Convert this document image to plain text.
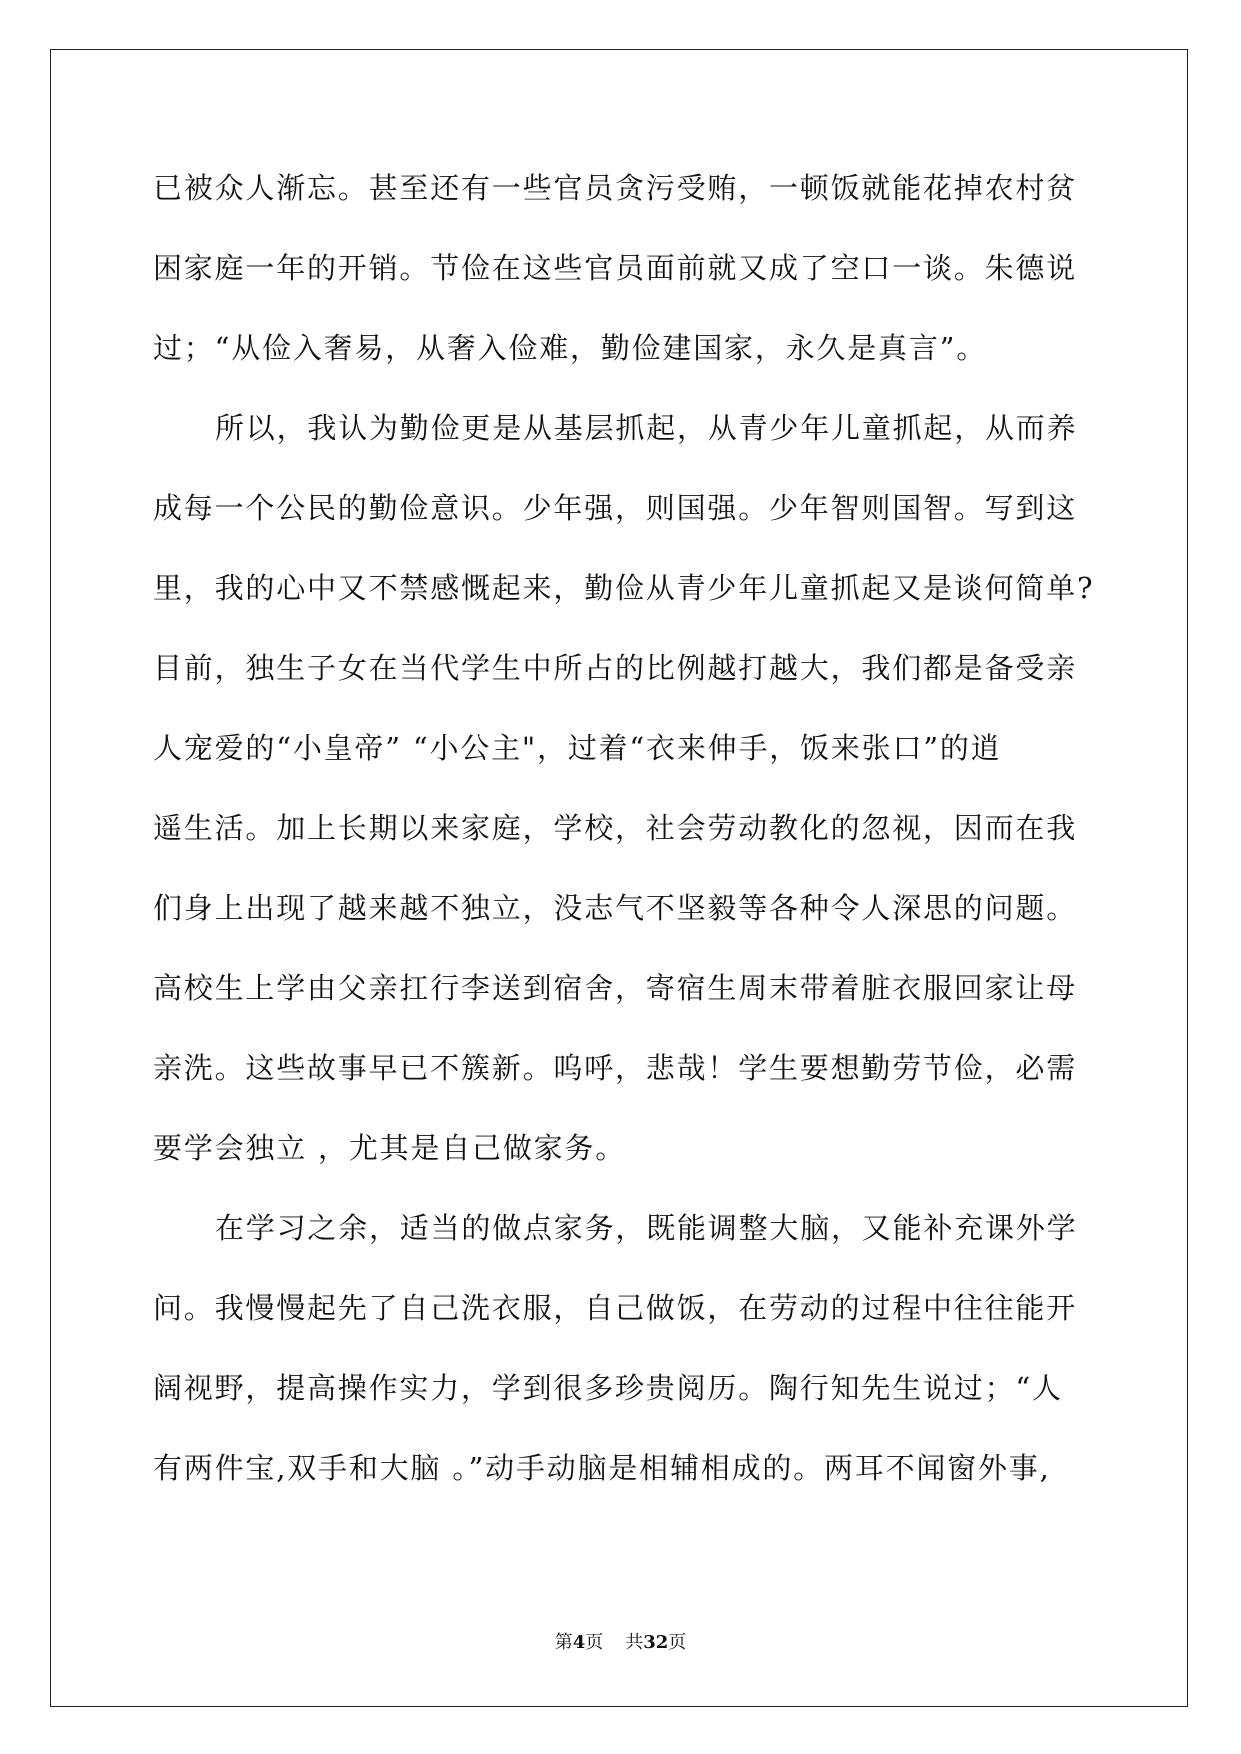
已被众人渐忘。甚至还有一些官员贪污受贿，一顿饭就能花掉农村贫
困家庭一年的开销。节俭在这些官员面前就又成了空口一谈。朱德说
过；“从俭入奢易，从奢入俭难，勤俭建国家，永久是真言”。
所以，我认为勤俭更是从基层抓起，从青少年儿童抓起，从而养
成每一个公民的勤俭意识。少年强，则国强。少年智则国智。写到这
里，我的心中又不禁感慨起来，勤俭从青少年儿童抓起又是谈何简单?
目前，独生子女在当代学生中所占的比例越打越大，我们都是备受亲
人宠爱的“小皇帝” “小公主"，过着“衣来伸手，饭来张口”的逍
遥生活。加上长期以来家庭，学校，社会劳动教化的忽视，因而在我
们身上出现了越来越不独立，没志气不坚毅等各种令人深思的问题。
高校生上学由父亲扛行李送到宿舍，寄宿生周末带着脏衣服回家让母
亲洗。这些故事早已不簇新。呜呼，悲哉！学生要想勤劳节俭，必需
要学会独立 ，尤其是自己做家务。
在学习之余，适当的做点家务，既能调整大脑，又能补充课外学
问。我慢慢起先了自己洗衣服，自己做饭，在劳动的过程中往往能开
阔视野，提高操作实力，学到很多珍贵阅历。陶行知先生说过；“人
有两件宝,双手和大脑 。”动手动脑是相辅相成的。两耳不闻窗外事,
第4页 共32页
